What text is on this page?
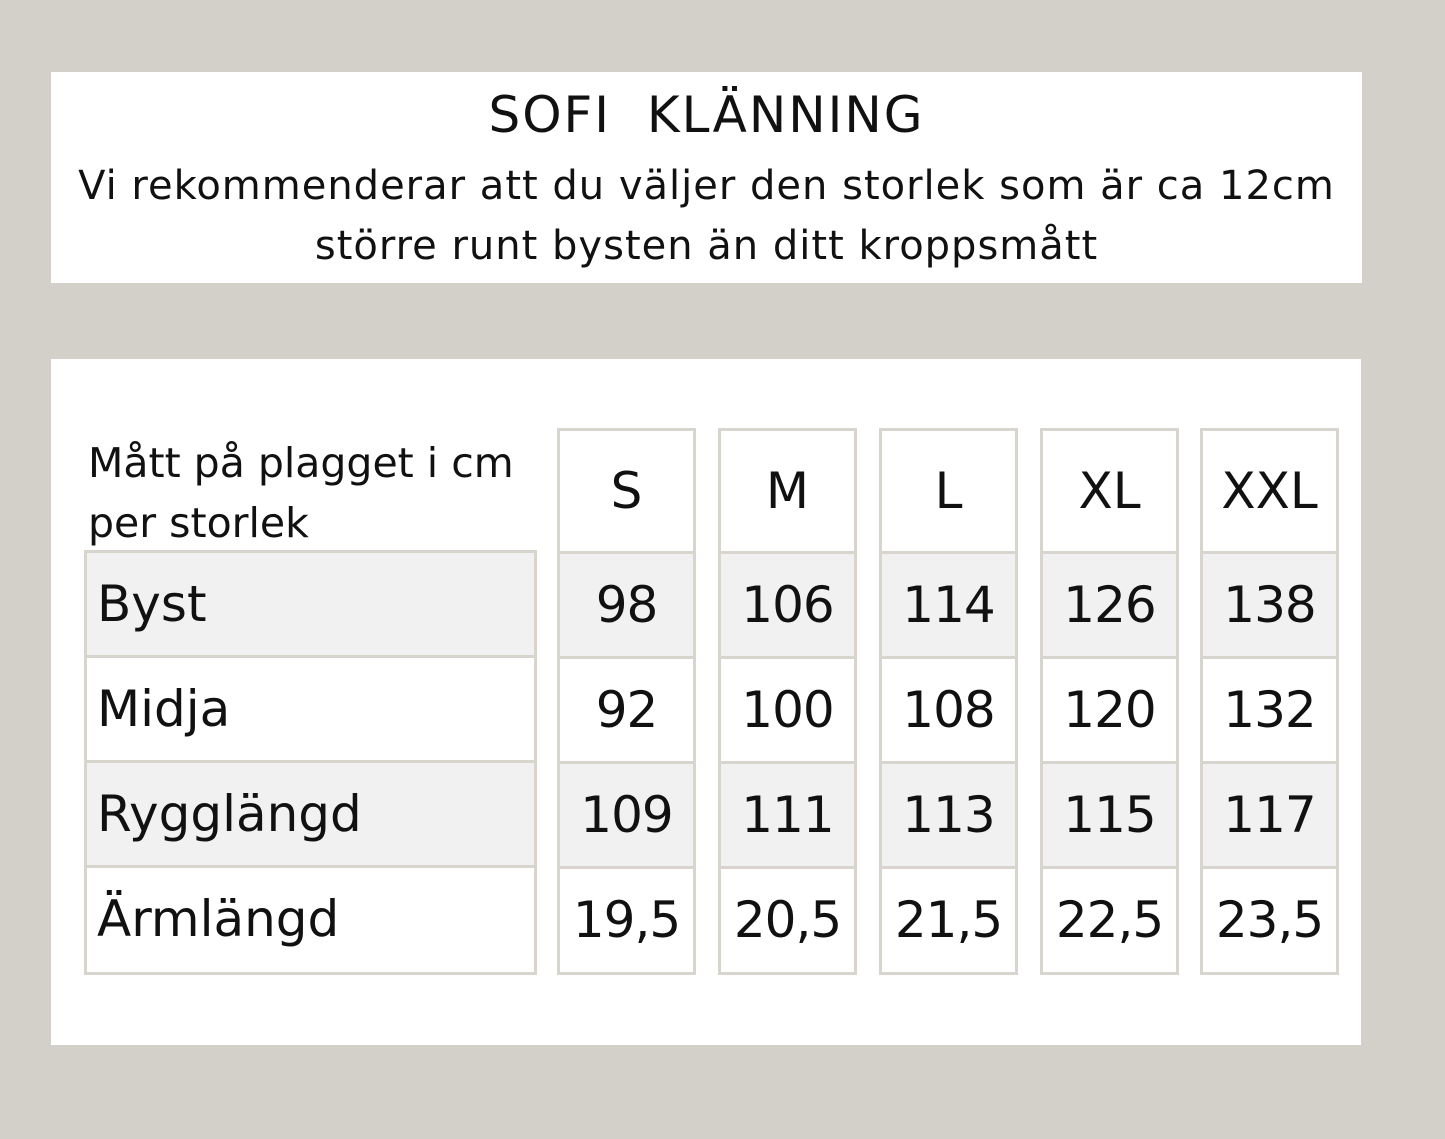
SOFI  KLÄNNING
Vi rekommenderar att du väljer den storlek som är ca 12cm större runt bysten än ditt kroppsmått
Mått på plagget i cm per storlek
Byst
Midja
Rygglängd
Ärmlängd
S
98
92
109
19,5
M
106
100
111
20,5
L
114
108
113
21,5
XL
126
120
115
22,5
XXL
138
132
117
23,5
